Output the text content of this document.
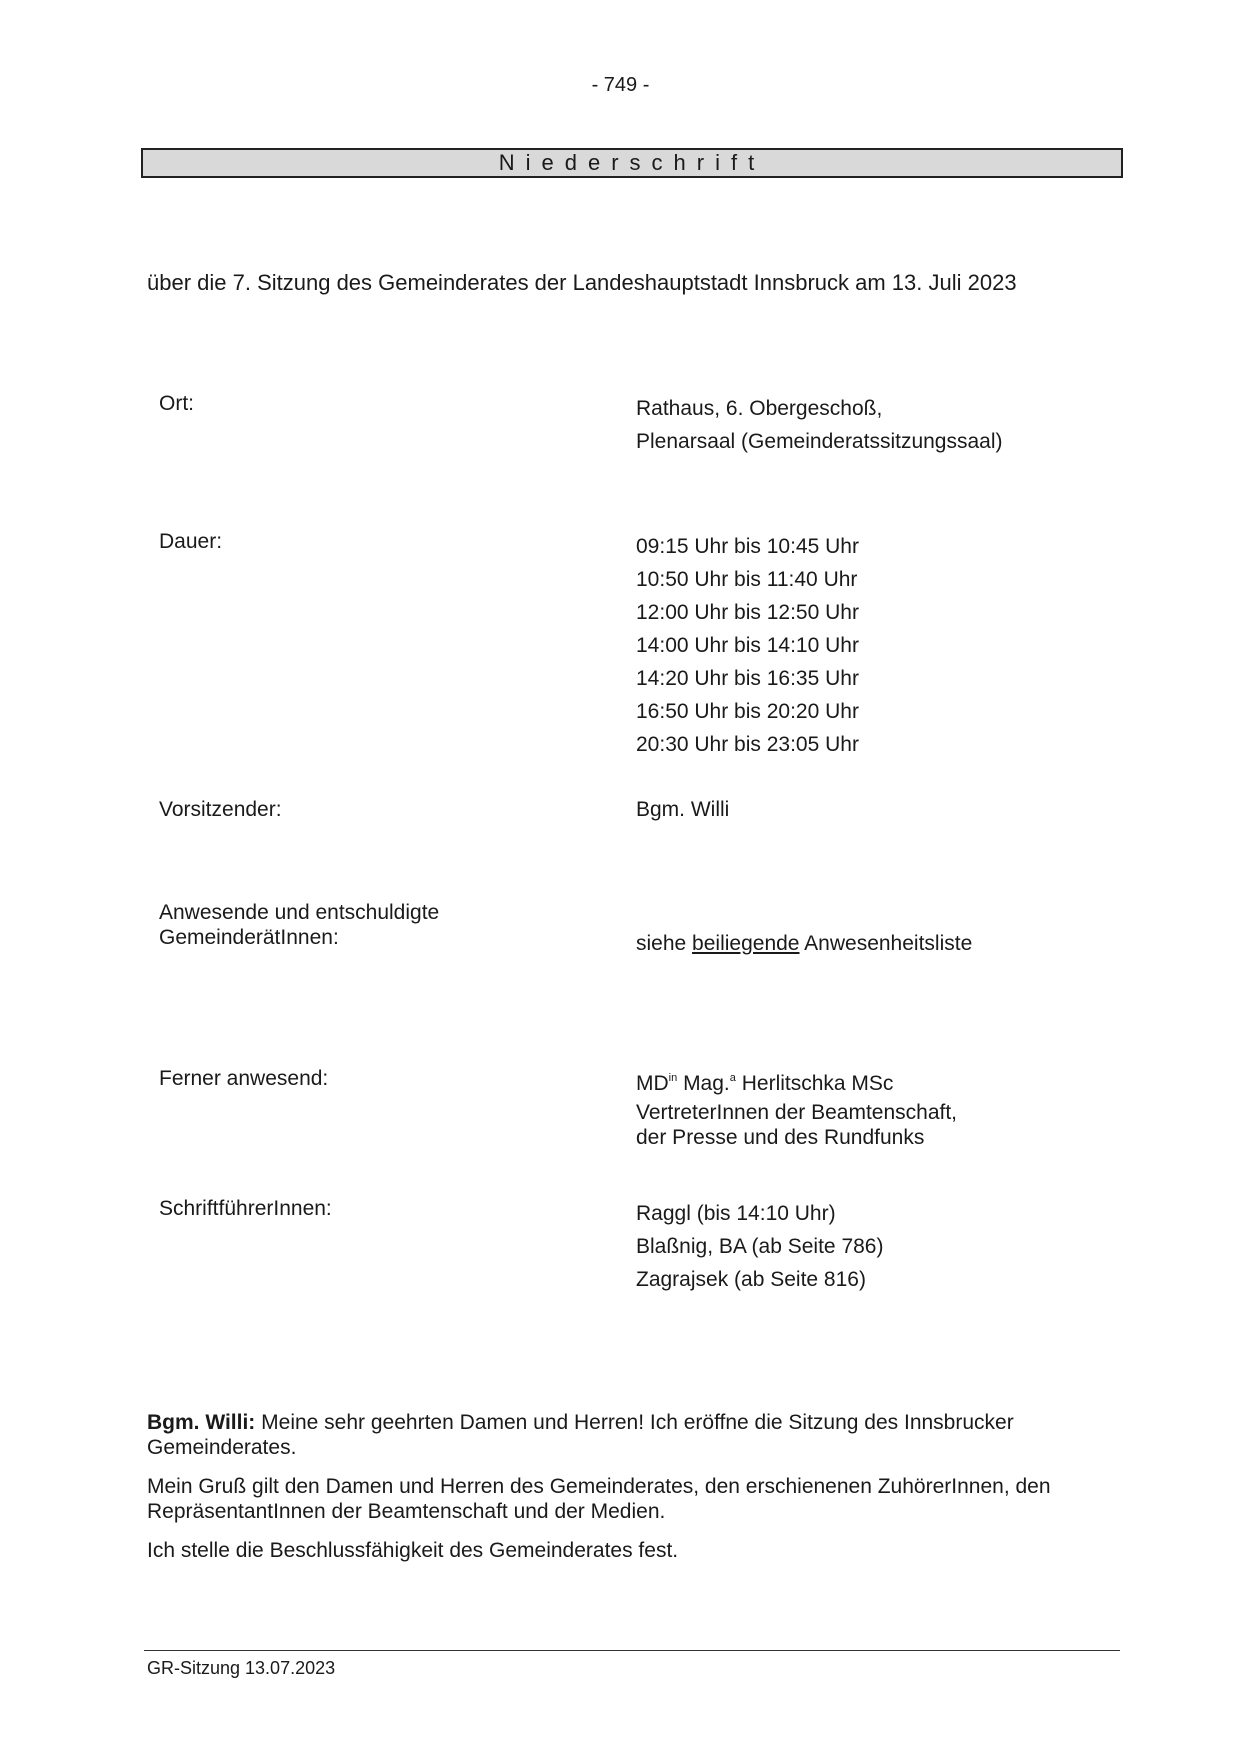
- 749 -
Niederschrift
über die 7. Sitzung des Gemeinderates der Landeshauptstadt Innsbruck am 13. Juli 2023
Ort:	Rathaus, 6. Obergeschoß,
Plenarsaal (Gemeinderatssitzungssaal)
Dauer:	09:15 Uhr bis 10:45 Uhr
10:50 Uhr bis 11:40 Uhr
12:00 Uhr bis 12:50 Uhr
14:00 Uhr bis 14:10 Uhr
14:20 Uhr bis 16:35 Uhr
16:50 Uhr bis 20:20 Uhr
20:30 Uhr bis 23:05 Uhr
Vorsitzender:	Bgm. Willi
Anwesende und entschuldigte
GemeinderätInnen:	siehe beiliegende Anwesenheitsliste
Ferner anwesend:	$MD^{in}$ Mag.$^a$ Herlitschka MSc
VertreterInnen der Beamtenschaft,
der Presse und des Rundfunks
SchriftführerInnen:	Raggl (bis 14:10 Uhr)
Blaßnig, BA (ab Seite 786)
Zagrajsek (ab Seite 816)

Bgm. Willi: Meine sehr geehrten Damen und Herren! Ich eröffne die Sitzung des Innsbrucker Gemeinderates.

Mein Gruß gilt den Damen und Herren des Gemeinderates, den erschienenen ZuhörerInnen, den RepräsentantInnen der Beamtenschaft und der Medien.

Ich stelle die Beschlussfähigkeit des Gemeinderates fest.

GR-Sitzung 13.07.2023
